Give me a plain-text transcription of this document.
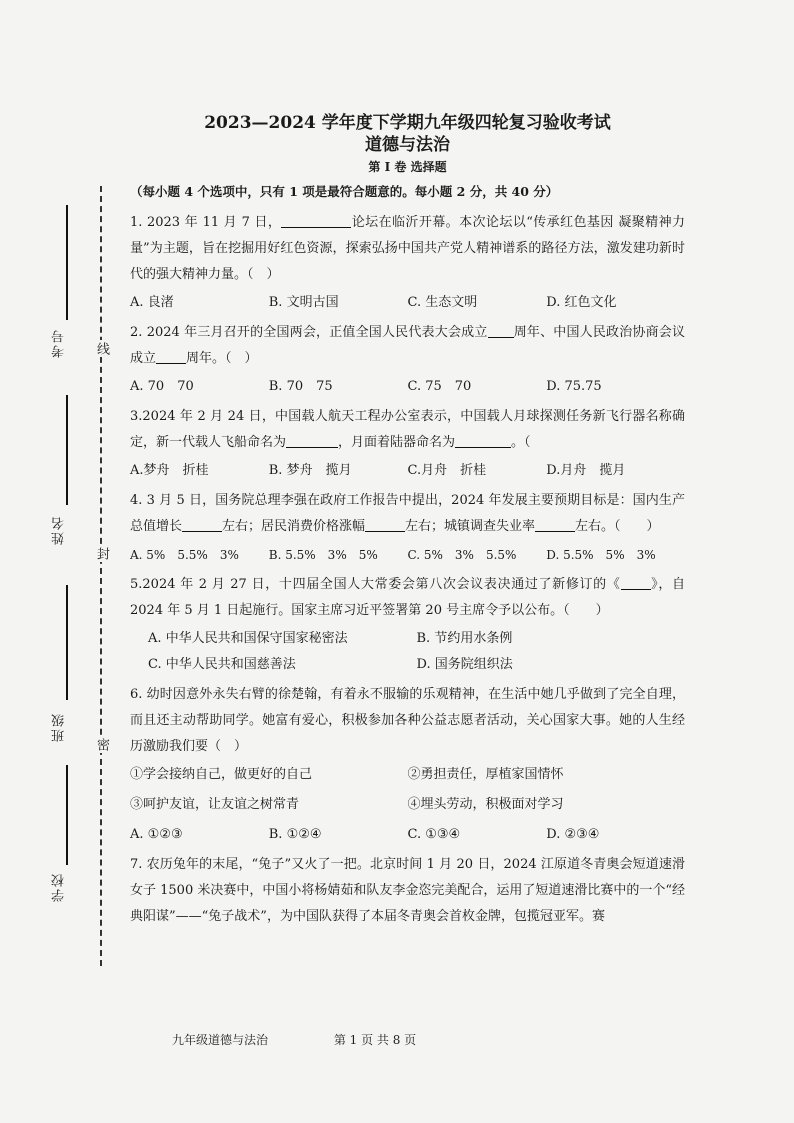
线
封
密
考号
姓名
班级
学校

2023—2024 学年度下学期九年级四轮复习验收考试

道德与法治

第 I 卷 选择题

（每小题 4 个选项中，只有 1 项是最符合题意的。每小题 2 分，共 40 分）

1. 2023 年 11 月 7 日，	论坛在临沂开幕。本次论坛以“传承红色基因 凝聚精神力量”为主题，旨在挖掘用好红色资源，探索弘扬中国共产党人精神谱系的路径方法，激发建功新时代的强大精神力量。（　）

A. 良渚	B. 文明古国	C. 生态文明	D. 红色文化

2. 2024 年三月召开的全国两会，正值全国人民代表大会成立 周年、中国人民政治协商会议成立 周年。（　）

A. 70　70	B. 70　75	C. 75　70	D. 75.75

3.2024 年 2 月 24 日，中国载人航天工程办公室表示，中国载人月球探测任务新飞行器名称确定，新一代载人飞船命名为	，月面着陆器命名为	。（

A.梦舟　折桂	B. 梦舟　揽月	C.月舟　折桂	D.月舟　揽月

4. 3 月 5 日，国务院总理李强在政府工作报告中提出，2024 年发展主要预期目标是：国内生产总值增长	左右；居民消费价格涨幅	左右；城镇调查失业率	左右。（　　）

A. 5%　5.5%　3%	B. 5.5%　3%　5%	C. 5%　3%　5.5%	D. 5.5%　5%　3%

5.2024 年 2 月 27 日，十四届全国人大常委会第八次会议表决通过了新修订的《 》，自 2024 年 5 月 1 日起施行。国家主席习近平签署第 20 号主席令予以公布。（　　）

A. 中华人民共和国保守国家秘密法	B. 节约用水条例
C. 中华人民共和国慈善法	D. 国务院组织法

6. 幼时因意外永失右臂的徐楚翰，有着永不服输的乐观精神，在生活中她几乎做到了完全自理，而且还主动帮助同学。她富有爱心，积极参加各种公益志愿者活动，关心国家大事。她的人生经历激励我们要（　）

①学会接纳自己，做更好的自己	②勇担责任，厚植家国情怀
③呵护友谊，让友谊之树常青	④埋头劳动，积极面对学习
A. ①②③	B. ①②④	C. ①③④	D. ②③④

7. 农历兔年的末尾，“兔子”又火了一把。北京时间 1 月 20 日，2024 江原道冬青奥会短道速滑女子 1500 米决赛中，中国小将杨婧茹和队友李金恣完美配合，运用了短道速滑比赛中的一个“经典阳谋”——“兔子战术”，为中国队获得了本届冬青奥会首枚金牌，包揽冠亚军。赛

九年级道德与法治	第 1 页 共 8 页
